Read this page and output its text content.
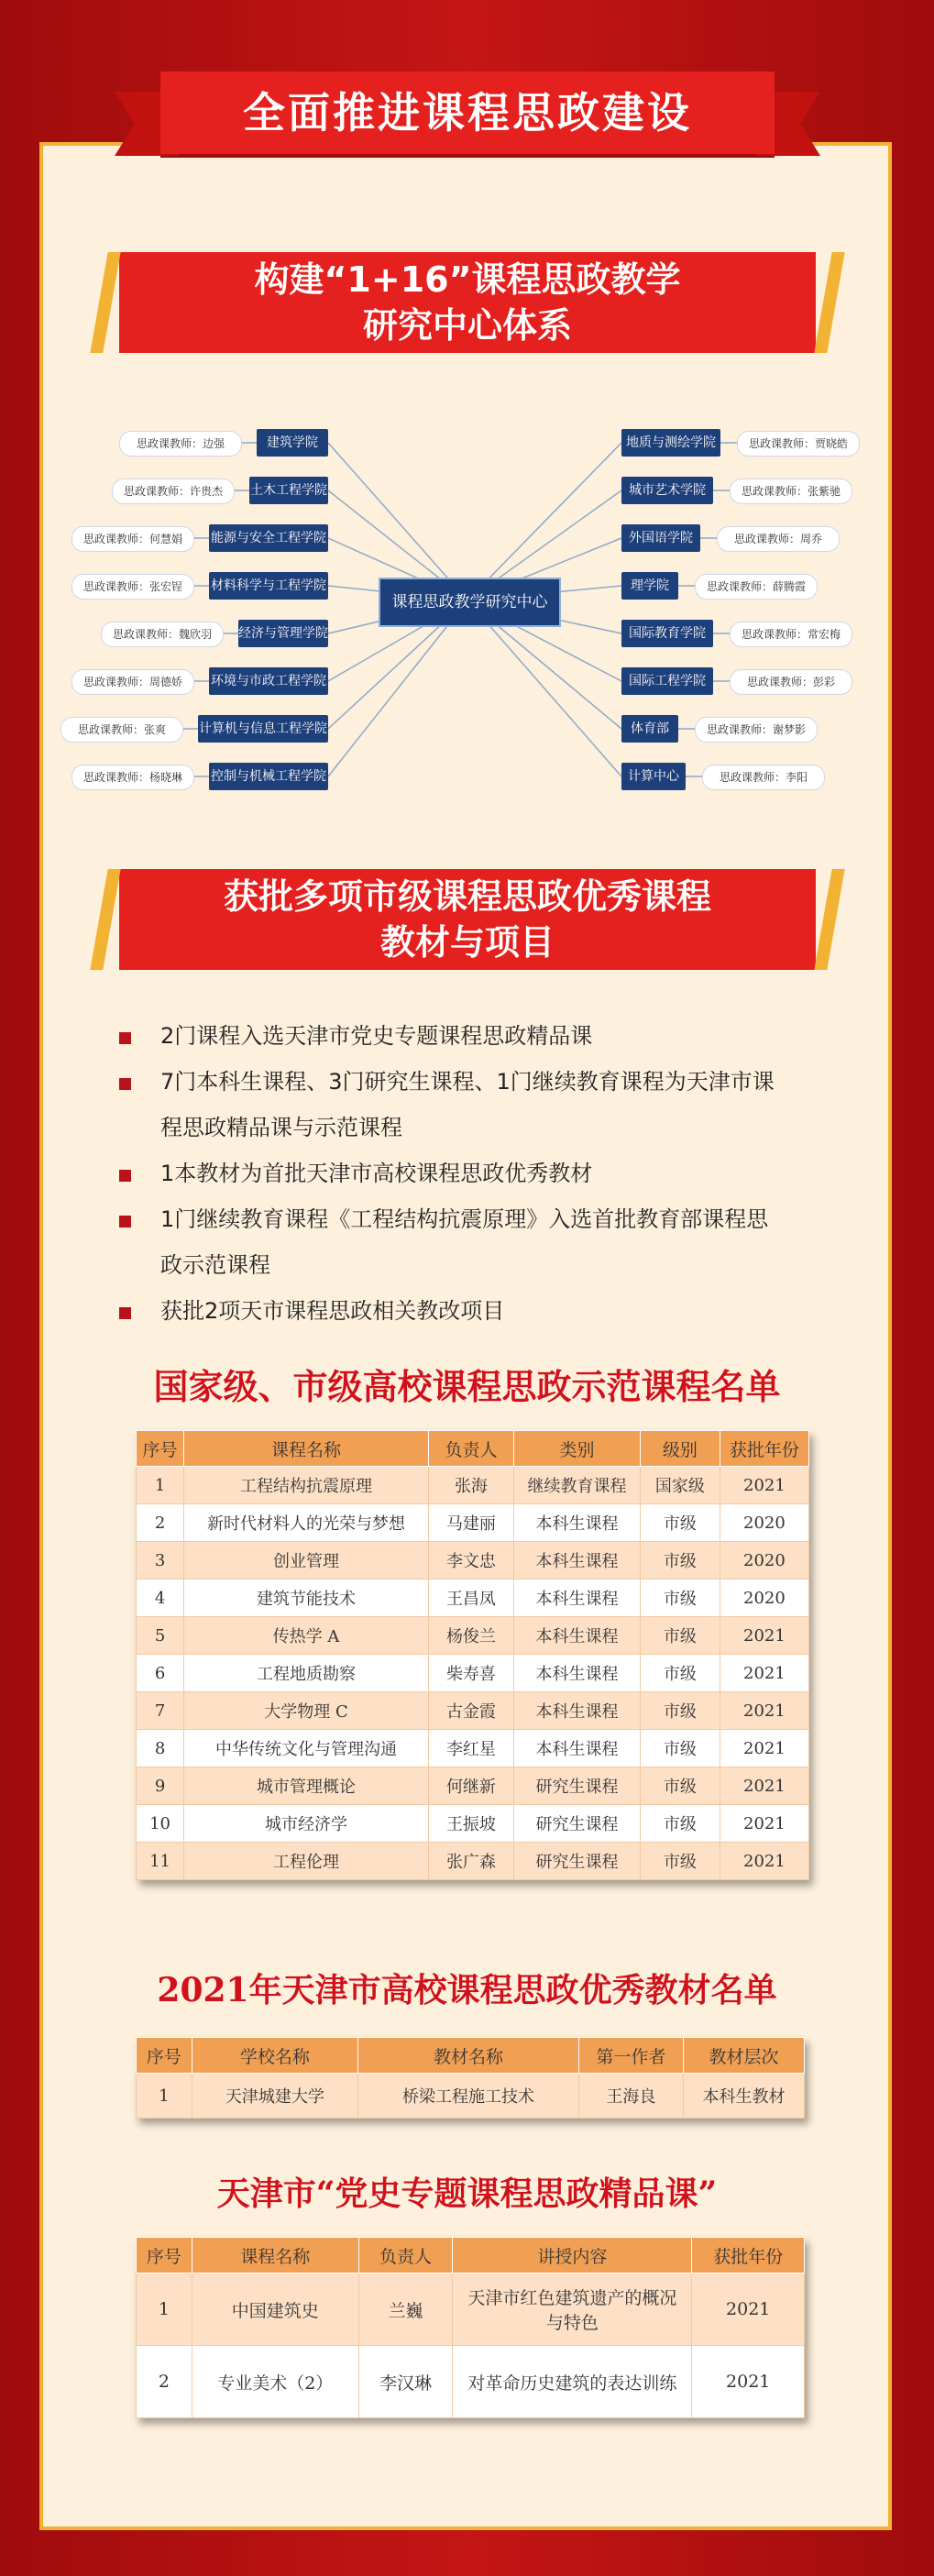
全面推进课程思政建设
构建“1+16”课程思政教学
研究中心体系
建筑学院
思政课教师：边强
土木工程学院
思政课教师：许贵杰
能源与安全工程学院
思政课教师：何慧娟
材料科学与工程学院
思政课教师：张宏锃
经济与管理学院
思政课教师：魏欣羽
环境与市政工程学院
思政课教师：周德娇
计算机与信息工程学院
思政课教师：张爽
控制与机械工程学院
思政课教师：杨晓琳
地质与测绘学院	思政课教师：贾晓皓
城市艺术学院	思政课教师：张紫驰
外国语学院	思政课教师：周乔
理学院	思政课教师：薛腾霞
国际教育学院	思政课教师：常宏梅
国际工程学院	思政课教师：彭彩
体育部	思政课教师：谢梦影
计算中心	思政课教师：李阳
课程思政教学研究中心
获批多项市级课程思政优秀课程
教材与项目
2门课程入选天津市党史专题课程思政精品课
7门本科生课程、3门研究生课程、1门继续教育课程为天津市课
程思政精品课与示范课程
1本教材为首批天津市高校课程思政优秀教材
1门继续教育课程《工程结构抗震原理》入选首批教育部课程思
政示范课程
获批2项天市课程思政相关教改项目
国家级、市级高校课程思政示范课程名单
序号	课程名称	负责人	类别	级别	获批年份
1	工程结构抗震原理	张海	继续教育课程	国家级	2021
2	新时代材料人的光荣与梦想	马建丽	本科生课程	市级	2020
3	创业管理	李文忠	本科生课程	市级	2020
4	建筑节能技术	王昌凤	本科生课程	市级	2020
5	传热学 A	杨俊兰	本科生课程	市级	2021
6	工程地质勘察	柴寿喜	本科生课程	市级	2021
7	大学物理 C	古金霞	本科生课程	市级	2021
8	中华传统文化与管理沟通	李红星	本科生课程	市级	2021
9	城市管理概论	何继新	研究生课程	市级	2021
10	城市经济学	王振坡	研究生课程	市级	2021
11	工程伦理	张广森	研究生课程	市级	2021
2021年天津市高校课程思政优秀教材名单
序号	学校名称	教材名称	第一作者	教材层次
1	天津城建大学	桥梁工程施工技术	王海良	本科生教材
天津市“党史专题课程思政精品课”
序号	课程名称	负责人	讲授内容	获批年份
1	中国建筑史	兰巍	天津市红色建筑遗产的概况与特色	2021
2	专业美术（2）	李汉琳	对革命历史建筑的表达训练	2021
